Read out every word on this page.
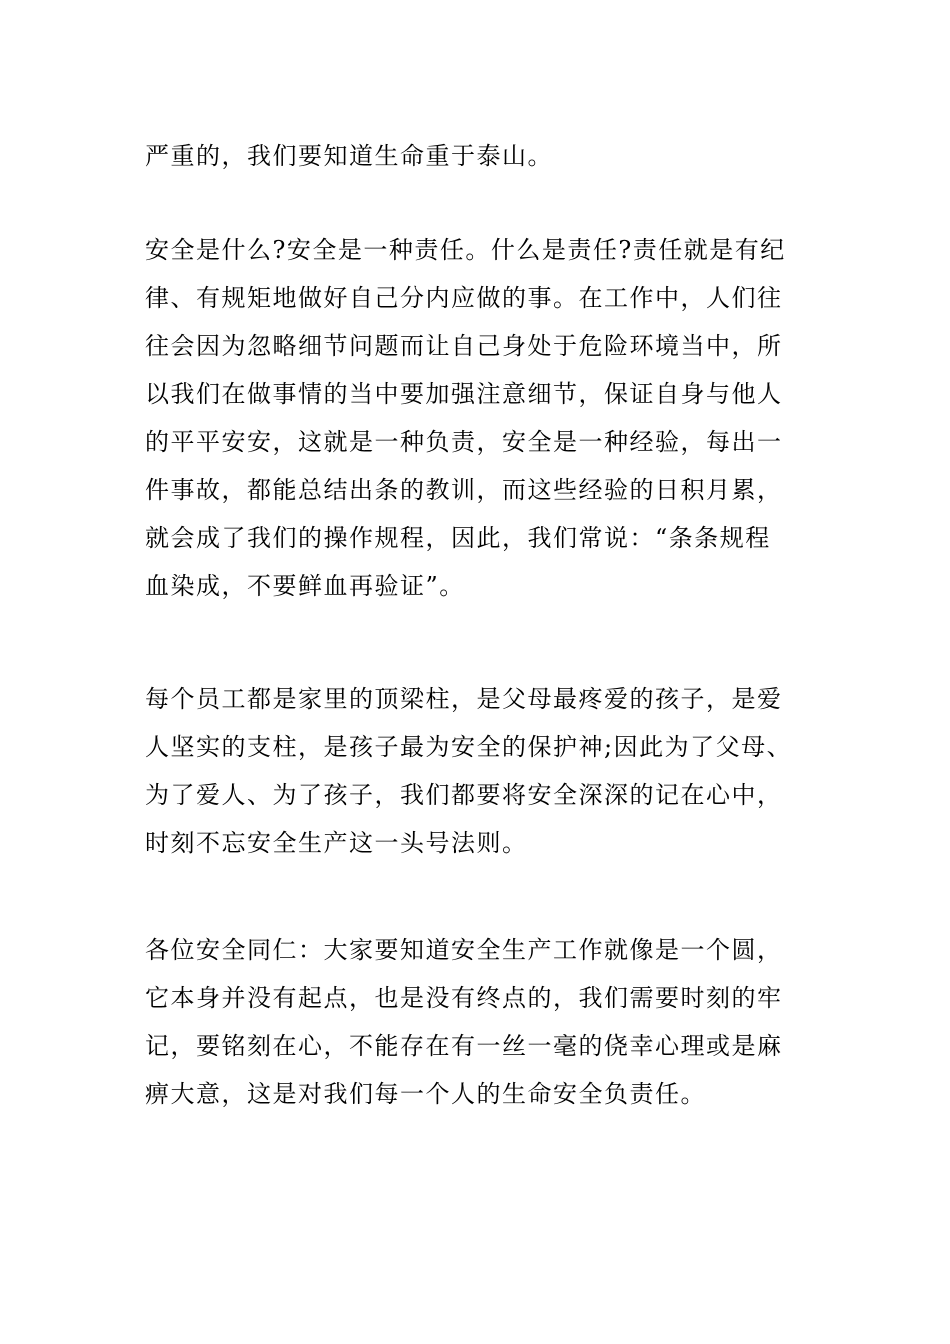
严重的，我们要知道生命重于泰山。
安全是什么?安全是一种责任。什么是责任?责任就是有纪
律、有规矩地做好自己分内应做的事。在工作中，人们往
往会因为忽略细节问题而让自己身处于危险环境当中，所
以我们在做事情的当中要加强注意细节，保证自身与他人
的平平安安，这就是一种负责，安全是一种经验，每出一
件事故，都能总结出条的教训，而这些经验的日积月累，
就会成了我们的操作规程，因此，我们常说：“条条规程
血染成，不要鲜血再验证”。
每个员工都是家里的顶梁柱，是父母最疼爱的孩子，是爱
人坚实的支柱，是孩子最为安全的保护神;因此为了父母、
为了爱人、为了孩子，我们都要将安全深深的记在心中，
时刻不忘安全生产这一头号法则。
各位安全同仁：大家要知道安全生产工作就像是一个圆，
它本身并没有起点，也是没有终点的，我们需要时刻的牢
记，要铭刻在心，不能存在有一丝一毫的侥幸心理或是麻
痹大意，这是对我们每一个人的生命安全负责任。
